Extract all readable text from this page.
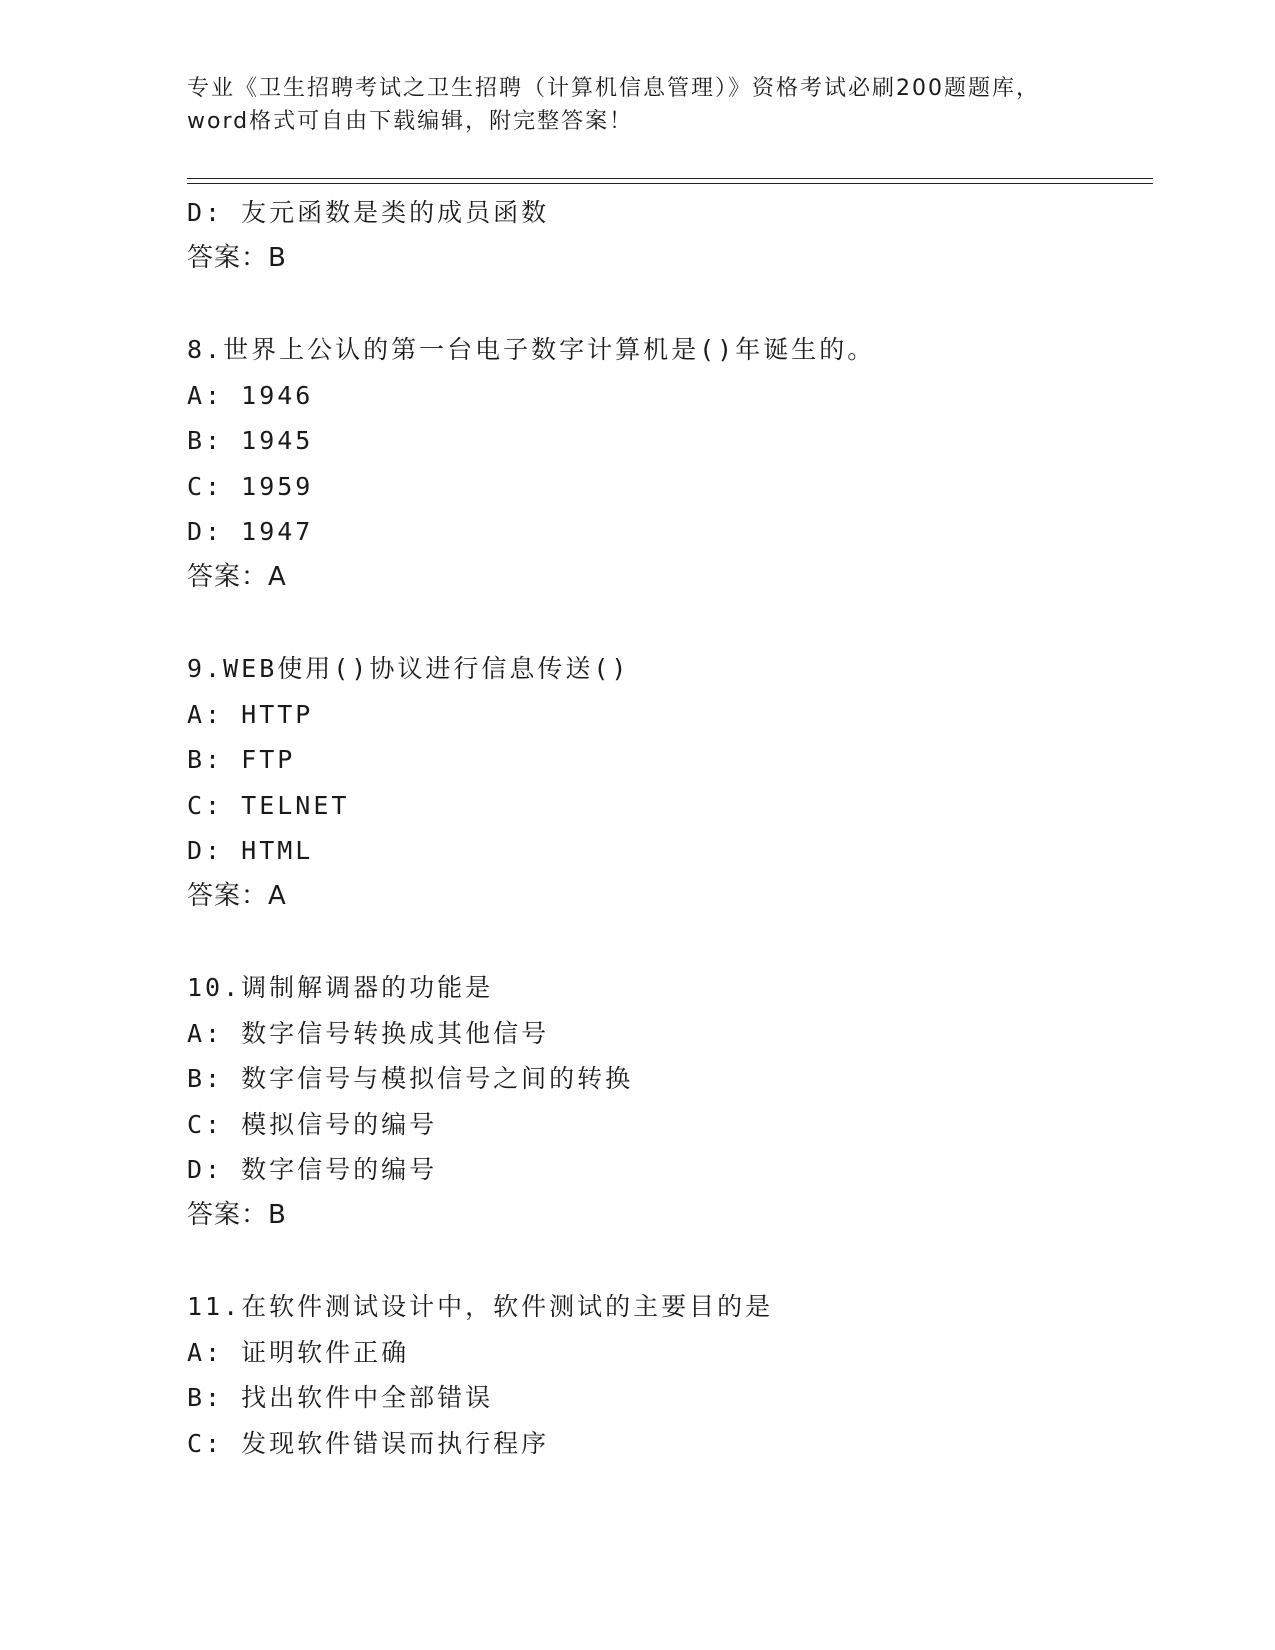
专业《卫生招聘考试之卫生招聘（计算机信息管理）》资格考试必刷200题题库，
word格式可自由下载编辑，附完整答案！
D: 友元函数是类的成员函数
答案：B
8.世界上公认的第一台电子数字计算机是()年诞生的。
A: 1946
B: 1945
C: 1959
D: 1947
答案：A
9.WEB使用()协议进行信息传送()
A: HTTP
B: FTP
C: TELNET
D: HTML
答案：A
10.调制解调器的功能是
A: 数字信号转换成其他信号
B: 数字信号与模拟信号之间的转换
C: 模拟信号的编号
D: 数字信号的编号
答案：B
11.在软件测试设计中，软件测试的主要目的是
A: 证明软件正确
B: 找出软件中全部错误
C: 发现软件错误而执行程序
